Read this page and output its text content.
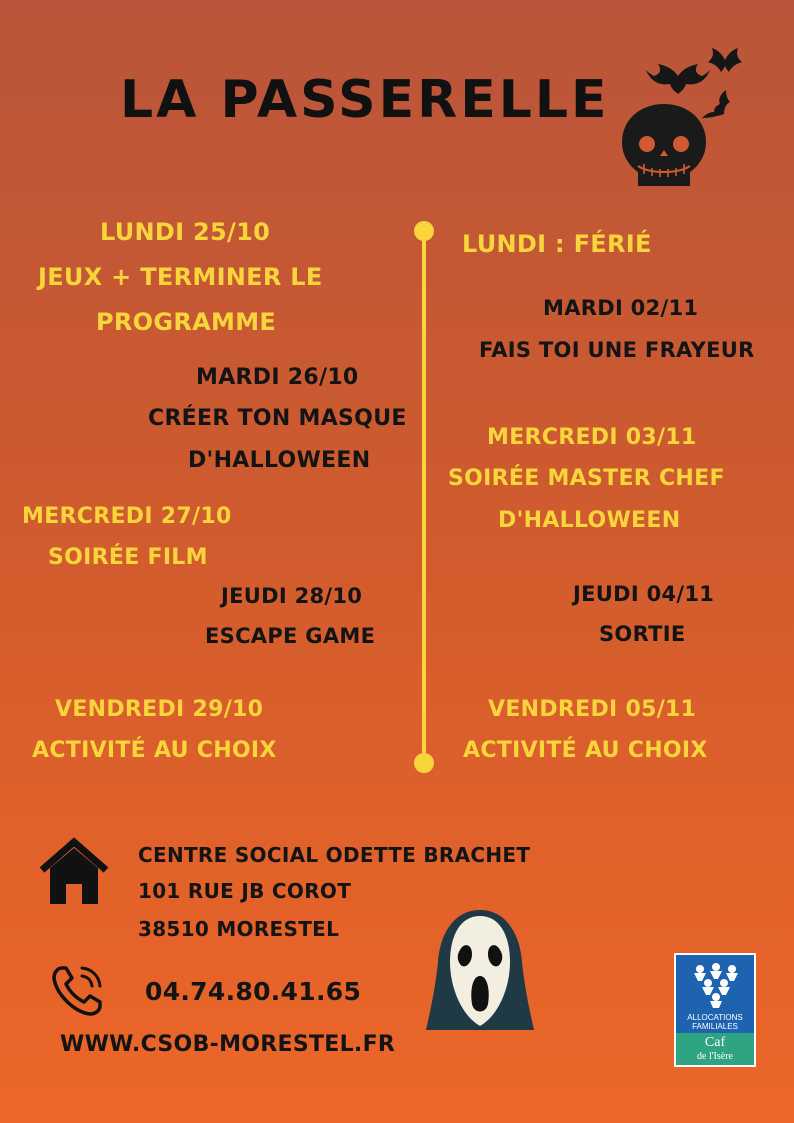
LA PASSERELLE
LUNDI 25/10
JEUX + TERMINER LE
PROGRAMME
MARDI 26/10
CRÉER TON MASQUE
D'HALLOWEEN
MERCREDI 27/10
SOIRÉE FILM
JEUDI 28/10
ESCAPE GAME
VENDREDI 29/10
ACTIVITÉ AU CHOIX
LUNDI : FÉRIÉ
MARDI 02/11
FAIS TOI UNE FRAYEUR
MERCREDI 03/11
SOIRÉE MASTER CHEF
D'HALLOWEEN
JEUDI 04/11
SORTIE
VENDREDI 05/11
ACTIVITÉ AU CHOIX
CENTRE SOCIAL ODETTE BRACHET
101 RUE JB COROT
38510 MORESTEL
04.74.80.41.65
WWW.CSOB-MORESTEL.FR
ALLOCATIONS
FAMILIALES
Caf
de l'Isère
